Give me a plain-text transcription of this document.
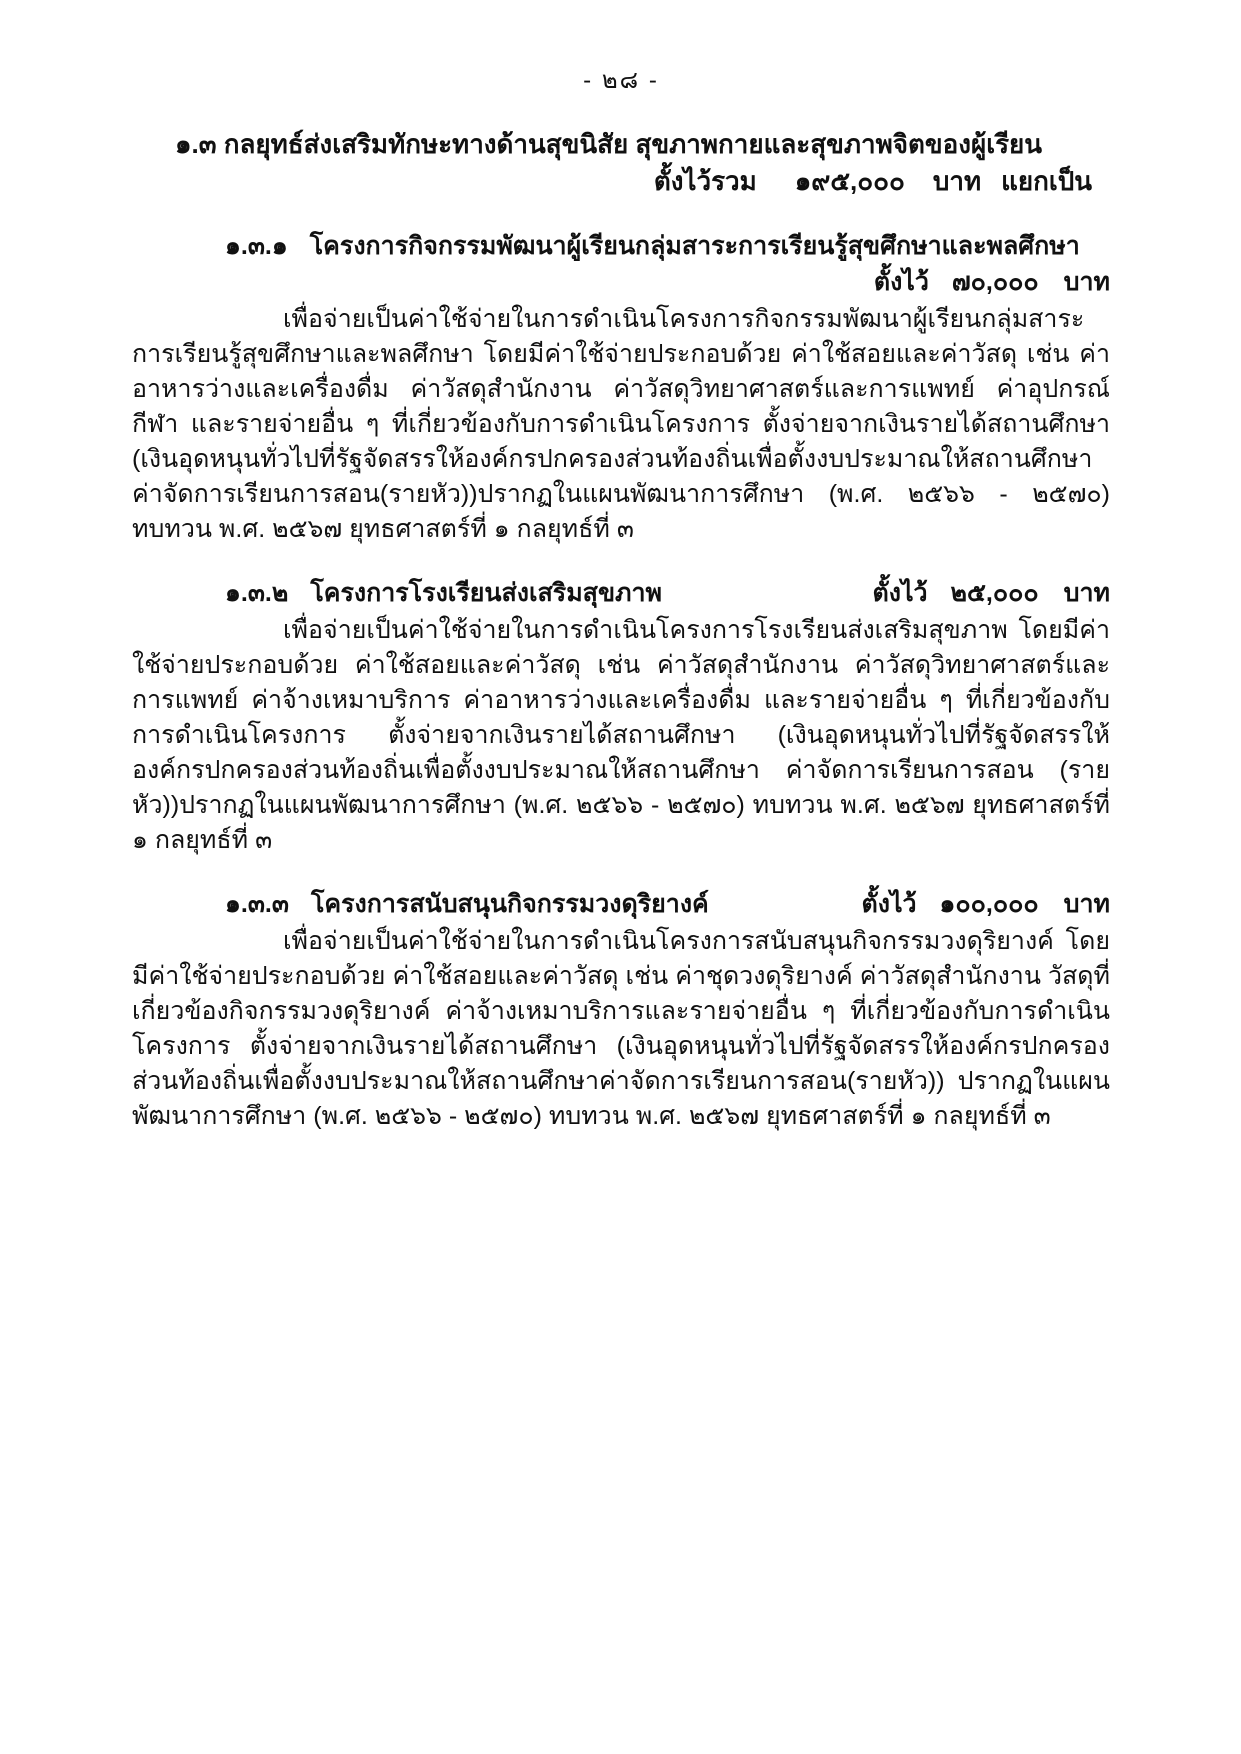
- ๒๘ -
๑.๓ กลยุทธ์ส่งเสริมทักษะทางด้านสุขนิสัย สุขภาพกายและสุขภาพจิตของผู้เรียน
ตั้งไว้รวม ๑๙๕,๐๐๐ บาท แยกเป็น
๑.๓.๑ โครงการกิจกรรมพัฒนาผู้เรียนกลุ่มสาระการเรียนรู้สุขศึกษาและพลศึกษา
ตั้งไว้ ๗๐,๐๐๐ บาท

เพื่อจ่ายเป็นค่าใช้จ่ายในการดำเนินโครงการกิจกรรมพัฒนาผู้เรียนกลุ่มสาระการเรียนรู้สุขศึกษาและพลศึกษา โดยมีค่าใช้จ่ายประกอบด้วย ค่าใช้สอยและค่าวัสดุ เช่น ค่าอาหารว่างและเครื่องดื่ม ค่าวัสดุสำนักงาน ค่าวัสดุวิทยาศาสตร์และการแพทย์ ค่าอุปกรณ์กีฬา และรายจ่ายอื่น ๆ ที่เกี่ยวข้องกับการดำเนินโครงการ ตั้งจ่ายจากเงินรายได้สถานศึกษา (เงินอุดหนุนทั่วไปที่รัฐจัดสรรให้องค์กรปกครองส่วนท้องถิ่นเพื่อตั้งงบประมาณให้สถานศึกษา ค่าจัดการเรียนการสอน(รายหัว))ปรากฏในแผนพัฒนาการศึกษา (พ.ศ. ๒๕๖๖ - ๒๕๗๐) ทบทวน พ.ศ. ๒๕๖๗ ยุทธศาสตร์ที่ ๑ กลยุทธ์ที่ ๓

๑.๓.๒ โครงการโรงเรียนส่งเสริมสุขภาพ	ตั้งไว้ ๒๕,๐๐๐ บาท

เพื่อจ่ายเป็นค่าใช้จ่ายในการดำเนินโครงการโรงเรียนส่งเสริมสุขภาพ โดยมีค่าใช้จ่ายประกอบด้วย ค่าใช้สอยและค่าวัสดุ เช่น ค่าวัสดุสำนักงาน ค่าวัสดุวิทยาศาสตร์และการแพทย์ ค่าจ้างเหมาบริการ ค่าอาหารว่างและเครื่องดื่ม และรายจ่ายอื่น ๆ ที่เกี่ยวข้องกับการดำเนินโครงการ ตั้งจ่ายจากเงินรายได้สถานศึกษา (เงินอุดหนุนทั่วไปที่รัฐจัดสรรให้องค์กรปกครองส่วนท้องถิ่นเพื่อตั้งงบประมาณให้สถานศึกษา ค่าจัดการเรียนการสอน (รายหัว))ปรากฏในแผนพัฒนาการศึกษา (พ.ศ. ๒๕๖๖ - ๒๕๗๐) ทบทวน พ.ศ. ๒๕๖๗ ยุทธศาสตร์ที่ ๑ กลยุทธ์ที่ ๓

๑.๓.๓ โครงการสนับสนุนกิจกรรมวงดุริยางค์	ตั้งไว้ ๑๐๐,๐๐๐ บาท

เพื่อจ่ายเป็นค่าใช้จ่ายในการดำเนินโครงการสนับสนุนกิจกรรมวงดุริยางค์ โดยมีค่าใช้จ่ายประกอบด้วย ค่าใช้สอยและค่าวัสดุ เช่น ค่าชุดวงดุริยางค์ ค่าวัสดุสำนักงาน วัสดุที่เกี่ยวข้องกิจกรรมวงดุริยางค์ ค่าจ้างเหมาบริการและรายจ่ายอื่น ๆ ที่เกี่ยวข้องกับการดำเนินโครงการ ตั้งจ่ายจากเงินรายได้สถานศึกษา (เงินอุดหนุนทั่วไปที่รัฐจัดสรรให้องค์กรปกครองส่วนท้องถิ่นเพื่อตั้งงบประมาณให้สถานศึกษาค่าจัดการเรียนการสอน(รายหัว)) ปรากฏในแผนพัฒนาการศึกษา (พ.ศ. ๒๕๖๖ - ๒๕๗๐) ทบทวน พ.ศ. ๒๕๖๗ ยุทธศาสตร์ที่ ๑ กลยุทธ์ที่ ๓
